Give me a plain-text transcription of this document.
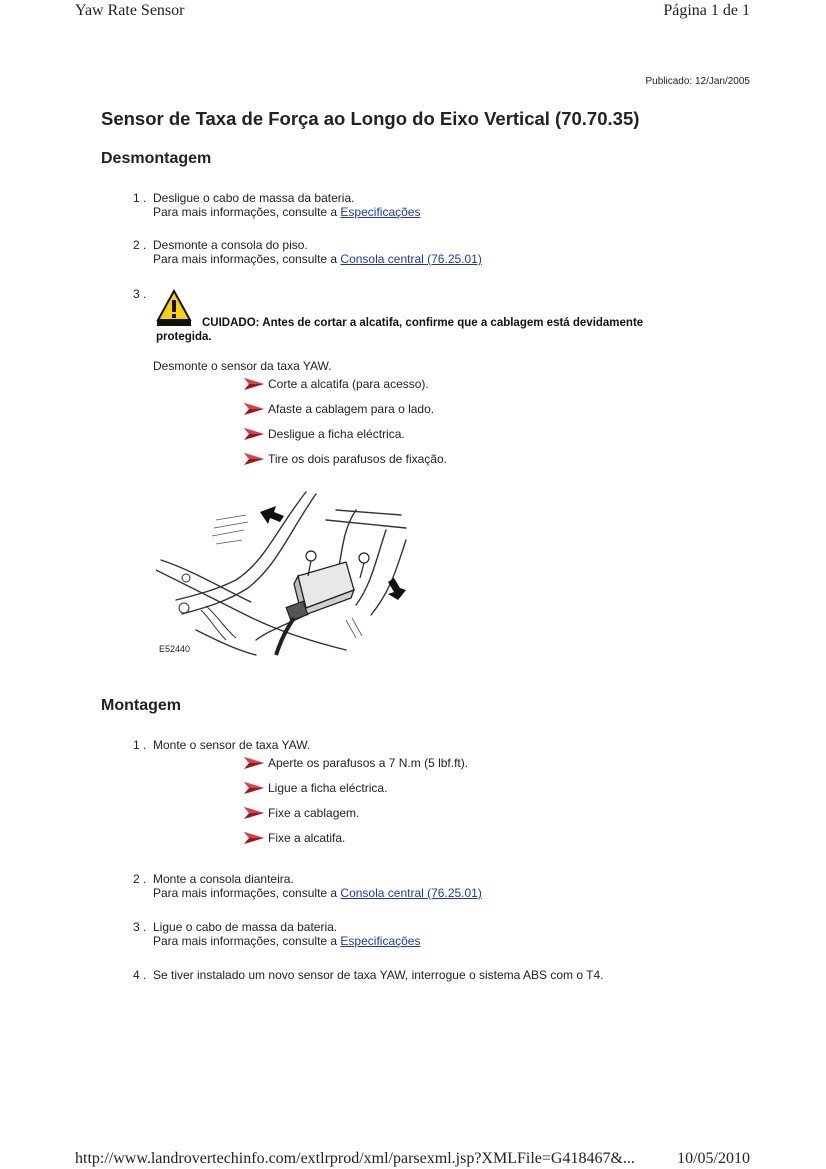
Yaw Rate Sensor	Página 1 de 1
Publicado: 12/Jan/2005
Sensor de Taxa de Força ao Longo do Eixo Vertical (70.70.35)
Desmontagem
1 . Desligue o cabo de massa da bateria.
Para mais informações, consulte a Especificações
2 . Desmonte a consola do piso.
Para mais informações, consulte a Consola central (76.25.01)
3 .
CUIDADO: Antes de cortar a alcatifa, confirme que a cablagem está devidamente protegida.
Desmonte o sensor da taxa YAW.
Corte a alcatifa (para acesso).
Afaste a cablagem para o lado.
Desligue a ficha eléctrica.
Tire os dois parafusos de fixação.
E52440
Montagem
1 . Monte o sensor de taxa YAW.
Aperte os parafusos a 7 N.m (5 lbf.ft).
Ligue a ficha eléctrica.
Fixe a cablagem.
Fixe a alcatifa.
2 . Monte a consola dianteira.
Para mais informações, consulte a Consola central (76.25.01)
3 . Ligue o cabo de massa da bateria.
Para mais informações, consulte a Especificações
4 . Se tiver instalado um novo sensor de taxa YAW, interrogue o sistema ABS com o T4.
http://www.landrovertechinfo.com/extlrprod/xml/parsexml.jsp?XMLFile=G418467&...	10/05/2010
